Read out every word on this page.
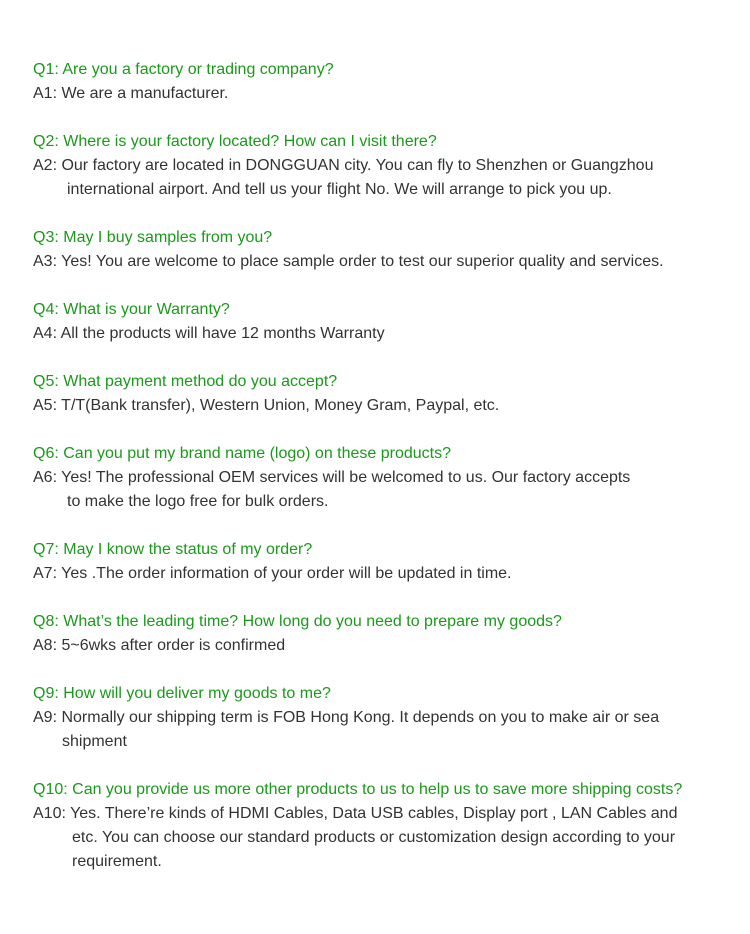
Q1: Are you a factory or trading company?
A1: We are a manufacturer.
Q2: Where is your factory located? How can I visit there?
A2: Our factory are located in DONGGUAN city. You can fly to Shenzhen or Guangzhou
international airport. And tell us your flight No. We will arrange to pick you up.
Q3: May I buy samples from you?
A3: Yes! You are welcome to place sample order to test our superior quality and services.
Q4: What is your Warranty?
A4: All the products will have 12 months Warranty
Q5: What payment method do you accept?
A5: T/T(Bank transfer), Western Union, Money Gram, Paypal, etc.
Q6: Can you put my brand name (logo) on these products?
A6: Yes! The professional OEM services will be welcomed to us. Our factory accepts
to make the logo free for bulk orders.
Q7: May I know the status of my order?
A7: Yes .The order information of your order will be updated in time.
Q8: What’s the leading time? How long do you need to prepare my goods?
A8: 5~6wks after order is confirmed
Q9: How will you deliver my goods to me?
A9: Normally our shipping term is FOB Hong Kong. It depends on you to make air or sea
shipment
Q10: Can you provide us more other products to us to help us to save more shipping costs?
A10: Yes. There’re kinds of HDMI Cables, Data USB cables, Display port , LAN Cables and
etc. You can choose our standard products or customization design according to your
requirement.
